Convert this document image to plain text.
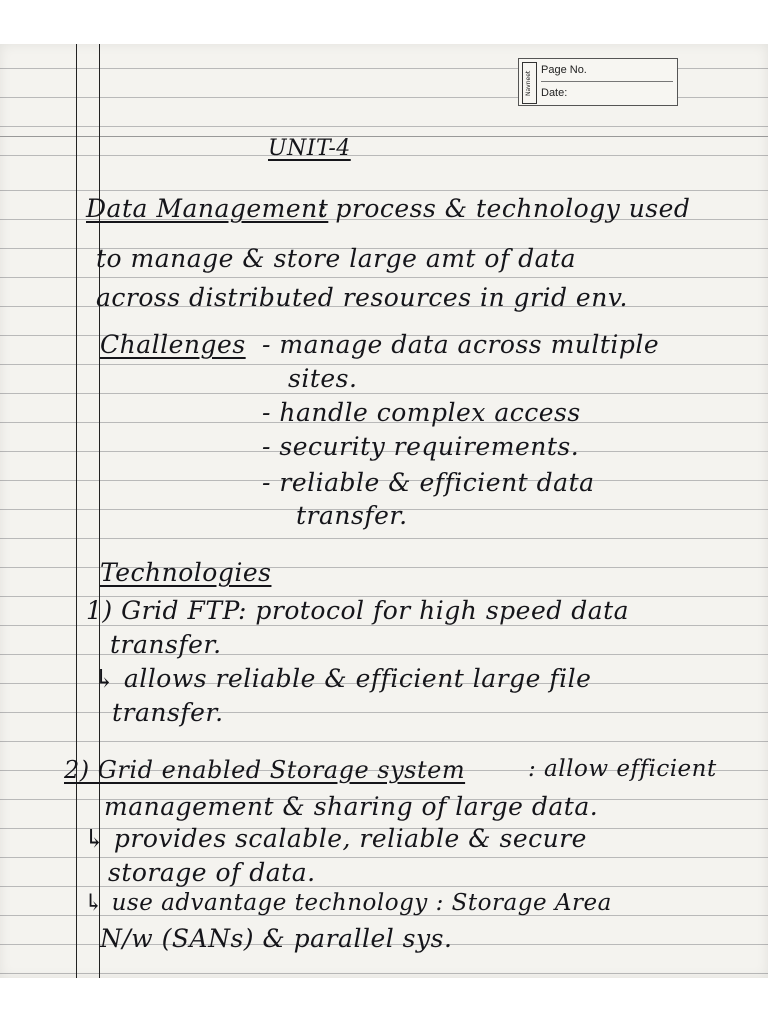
Navneet
Page No.
Date:
UNIT-4
Data Management
: process & technology used
to manage & store large amt of data
across distributed resources in grid env.
Challenges - manage data across multiple
sites.
- handle complex access
- security requirements.
- reliable & efficient data
transfer.
Technologies
1) Grid FTP
: protocol for high speed data
transfer.
↳ allows reliable & efficient large file
transfer.
2) Grid enabled Storage system	: allow efficient
management & sharing of large data.
↳ provides scalable, reliable & secure
storage of data.
↳ use advantage technology : Storage Area
N/w (SANs) & parallel sys.
